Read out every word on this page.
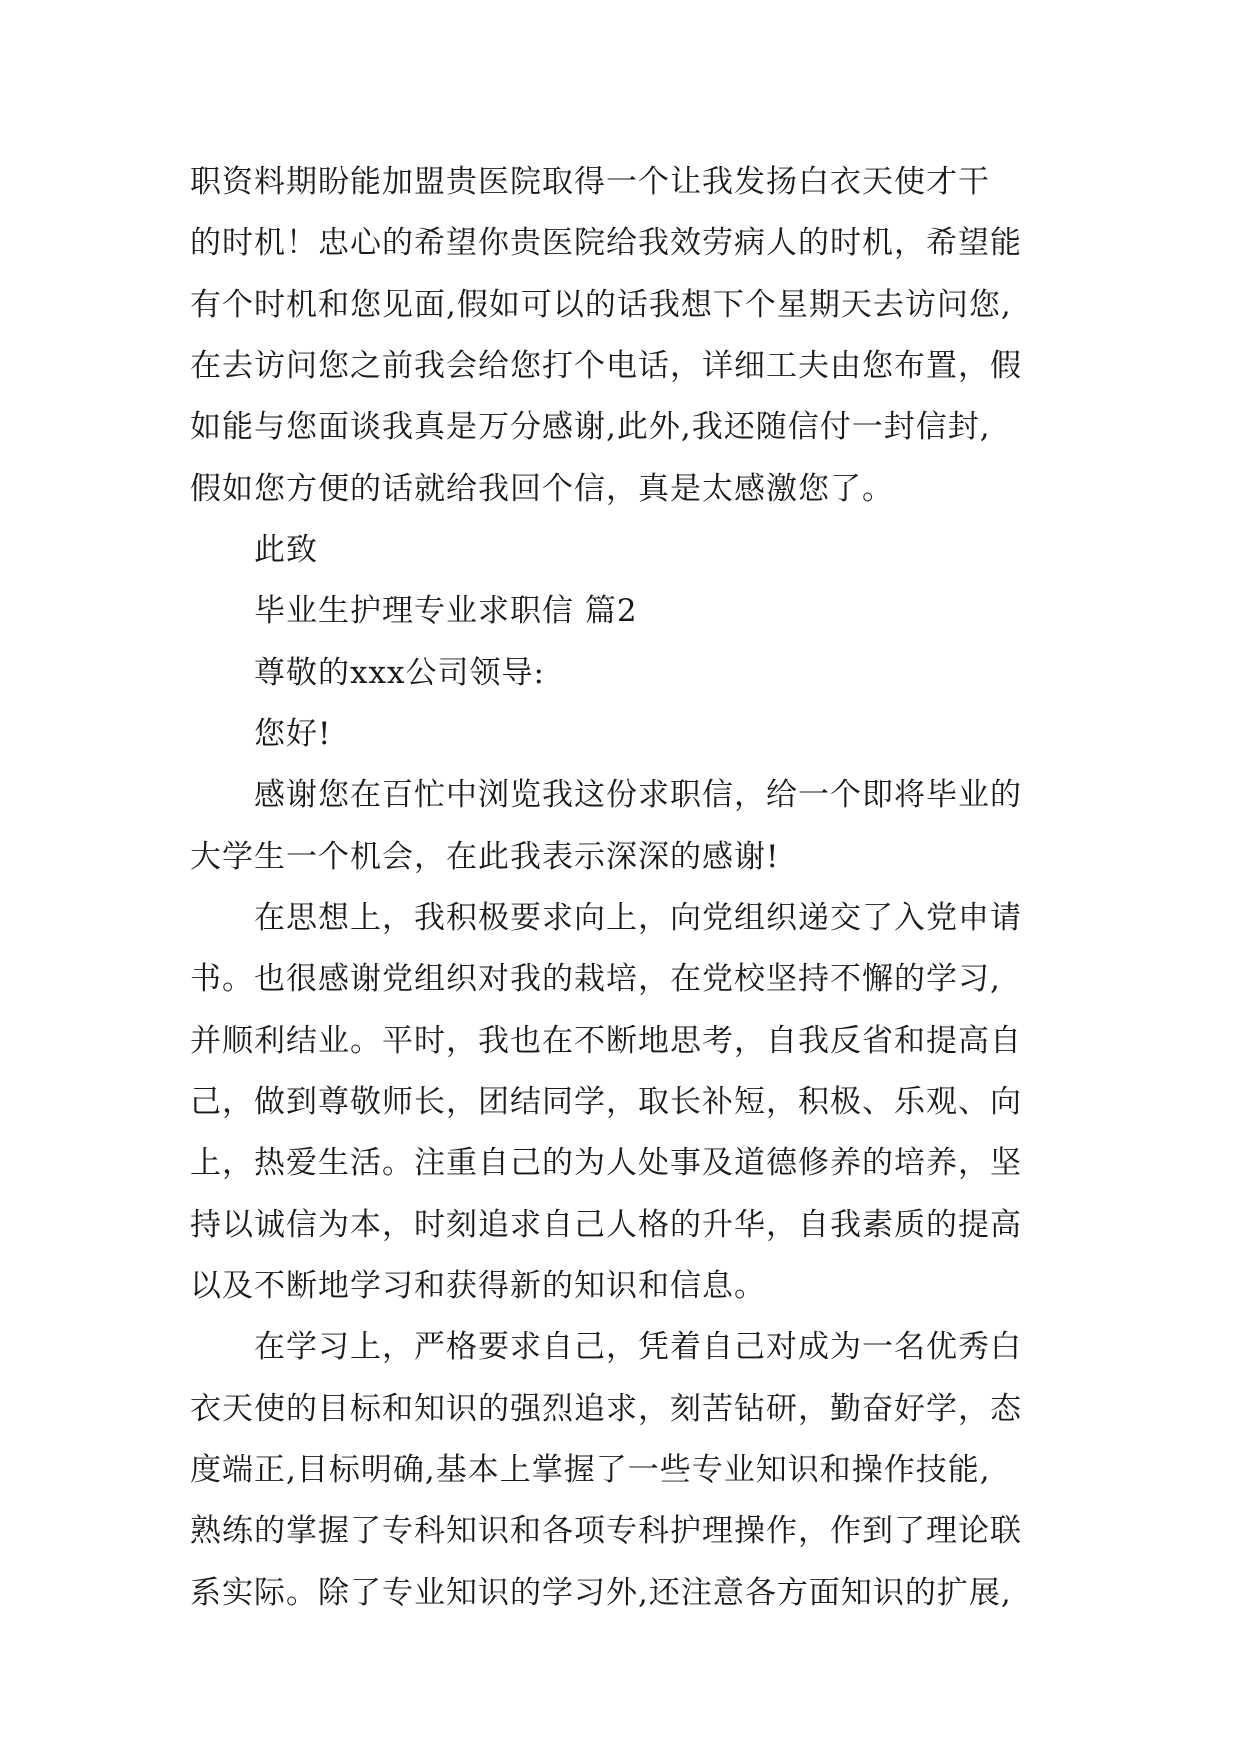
职资料期盼能加盟贵医院取得一个让我发扬白衣天使才干
的时机！忠心的希望你贵医院给我效劳病人的时机，希望能
有个时机和您见面,假如可以的话我想下个星期天去访问您,
在去访问您之前我会给您打个电话，详细工夫由您布置，假
如能与您面谈我真是万分感谢,此外,我还随信付一封信封,
假如您方便的话就给我回个信，真是太感激您了。
此致
毕业生护理专业求职信 篇2
尊敬的xxx公司领导:
您好!
感谢您在百忙中浏览我这份求职信，给一个即将毕业的
大学生一个机会，在此我表示深深的感谢!
在思想上，我积极要求向上，向党组织递交了入党申请
书。也很感谢党组织对我的栽培，在党校坚持不懈的学习,
并顺利结业。平时，我也在不断地思考，自我反省和提高自
己，做到尊敬师长，团结同学，取长补短，积极、乐观、向
上，热爱生活。注重自己的为人处事及道德修养的培养，坚
持以诚信为本，时刻追求自己人格的升华，自我素质的提高
以及不断地学习和获得新的知识和信息。
在学习上，严格要求自己，凭着自己对成为一名优秀白
衣天使的目标和知识的强烈追求，刻苦钻研，勤奋好学，态
度端正,目标明确,基本上掌握了一些专业知识和操作技能,
熟练的掌握了专科知识和各项专科护理操作，作到了理论联
系实际。除了专业知识的学习外,还注意各方面知识的扩展,
